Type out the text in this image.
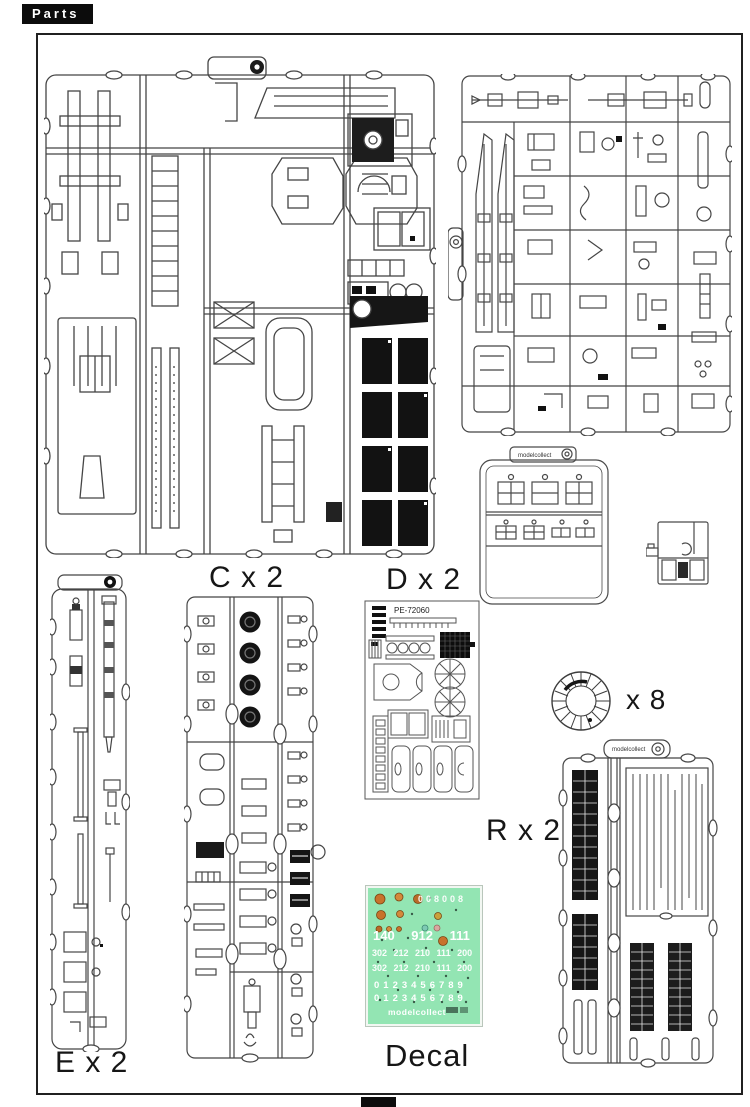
Parts
modelcollect
PE-72060
modelcollect
008008
140 912 111
302 212 210 111 200
302 212 210 111 200
0123456789
0123456789
modelcollect
C x 2	D x 2
E x 2
R x 2
x 8
Decal
